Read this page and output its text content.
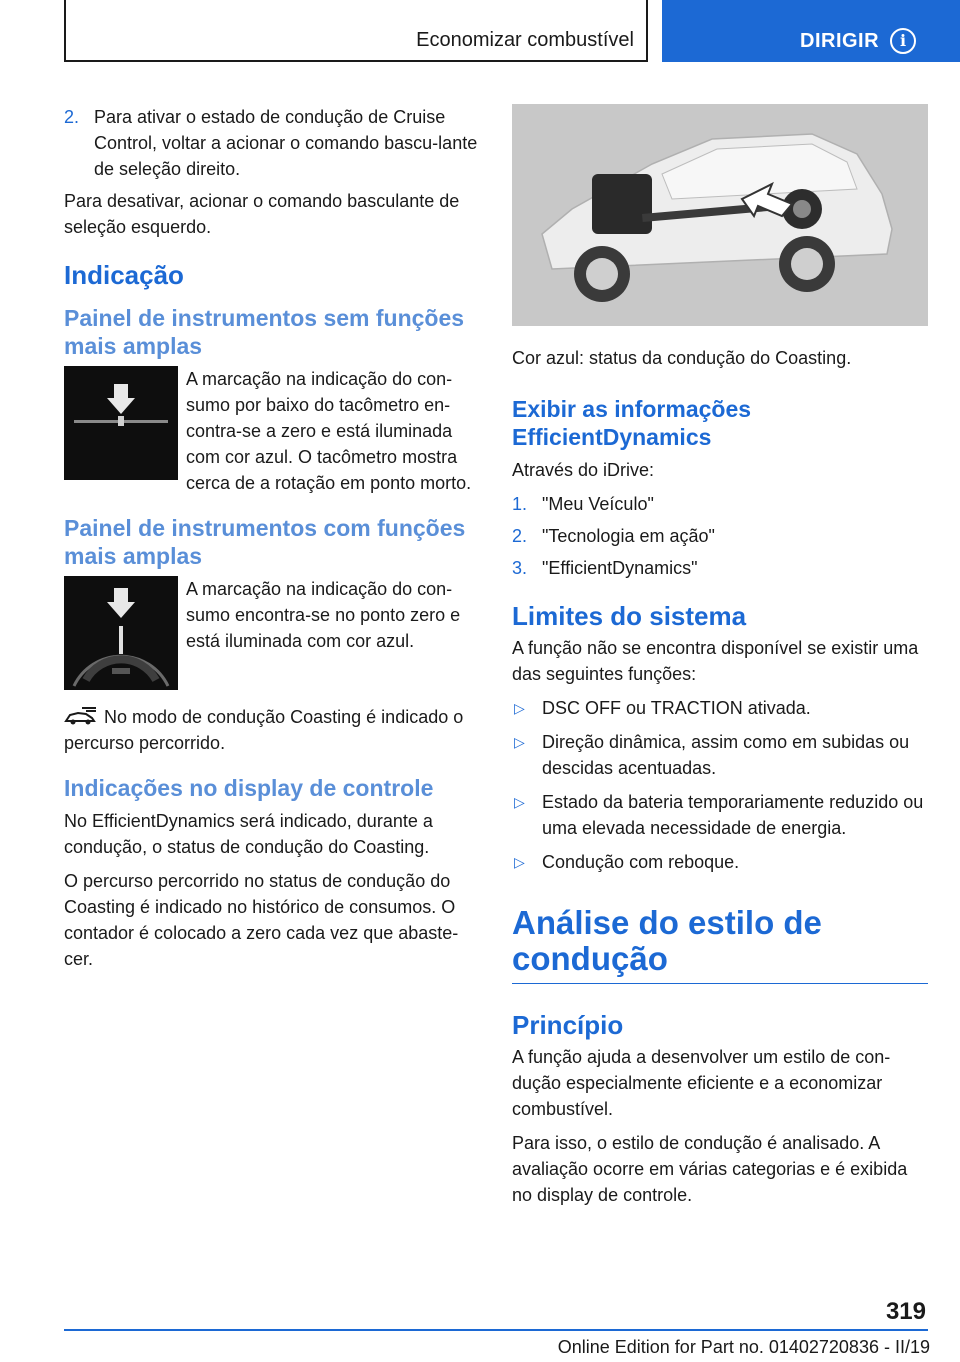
Economizar combustível	DIRIGIR	i
2. Para ativar o estado de condução de Cruise Control, voltar a acionar o comando bascu-lante de seleção direito.

Para desativar, acionar o comando basculante de seleção esquerdo.

Indicação
Painel de instrumentos sem funções mais amplas

A marcação na indicação do con-sumo por baixo do tacômetro en-contra-se a zero e está iluminada com cor azul. O tacômetro mostra cerca de a rotação em ponto morto.

Painel de instrumentos com funções mais amplas

A marcação na indicação do con-sumo encontra-se no ponto zero e está iluminada com cor azul.

No modo de condução Coasting é indicado o percurso percorrido.

Indicações no display de controle

No EfficientDynamics será indicado, durante a condução, o status de condução do Coasting.

O percurso percorrido no status de condução do Coasting é indicado no histórico de consumos. O contador é colocado a zero cada vez que abaste-cer.

Cor azul: status da condução do Coasting.

Exibir as informações EfficientDynamics

Através do iDrive:

1. "Meu Veículo"
2. "Tecnologia em ação"
3. "EfficientDynamics"
Limites do sistema

A função não se encontra disponível se existir uma das seguintes funções:

▷ DSC OFF ou TRACTION ativada.
▷ Direção dinâmica, assim como em subidas ou descidas acentuadas.
▷ Estado da bateria temporariamente reduzido ou uma elevada necessidade de energia.
▷ Condução com reboque.
Análise do estilo de condução
Princípio

A função ajuda a desenvolver um estilo de con-dução especialmente eficiente e a economizar combustível.

Para isso, o estilo de condução é analisado. A avaliação ocorre em várias categorias e é exibida no display de controle.

319
Online Edition for Part no. 01402720836 - II/19
